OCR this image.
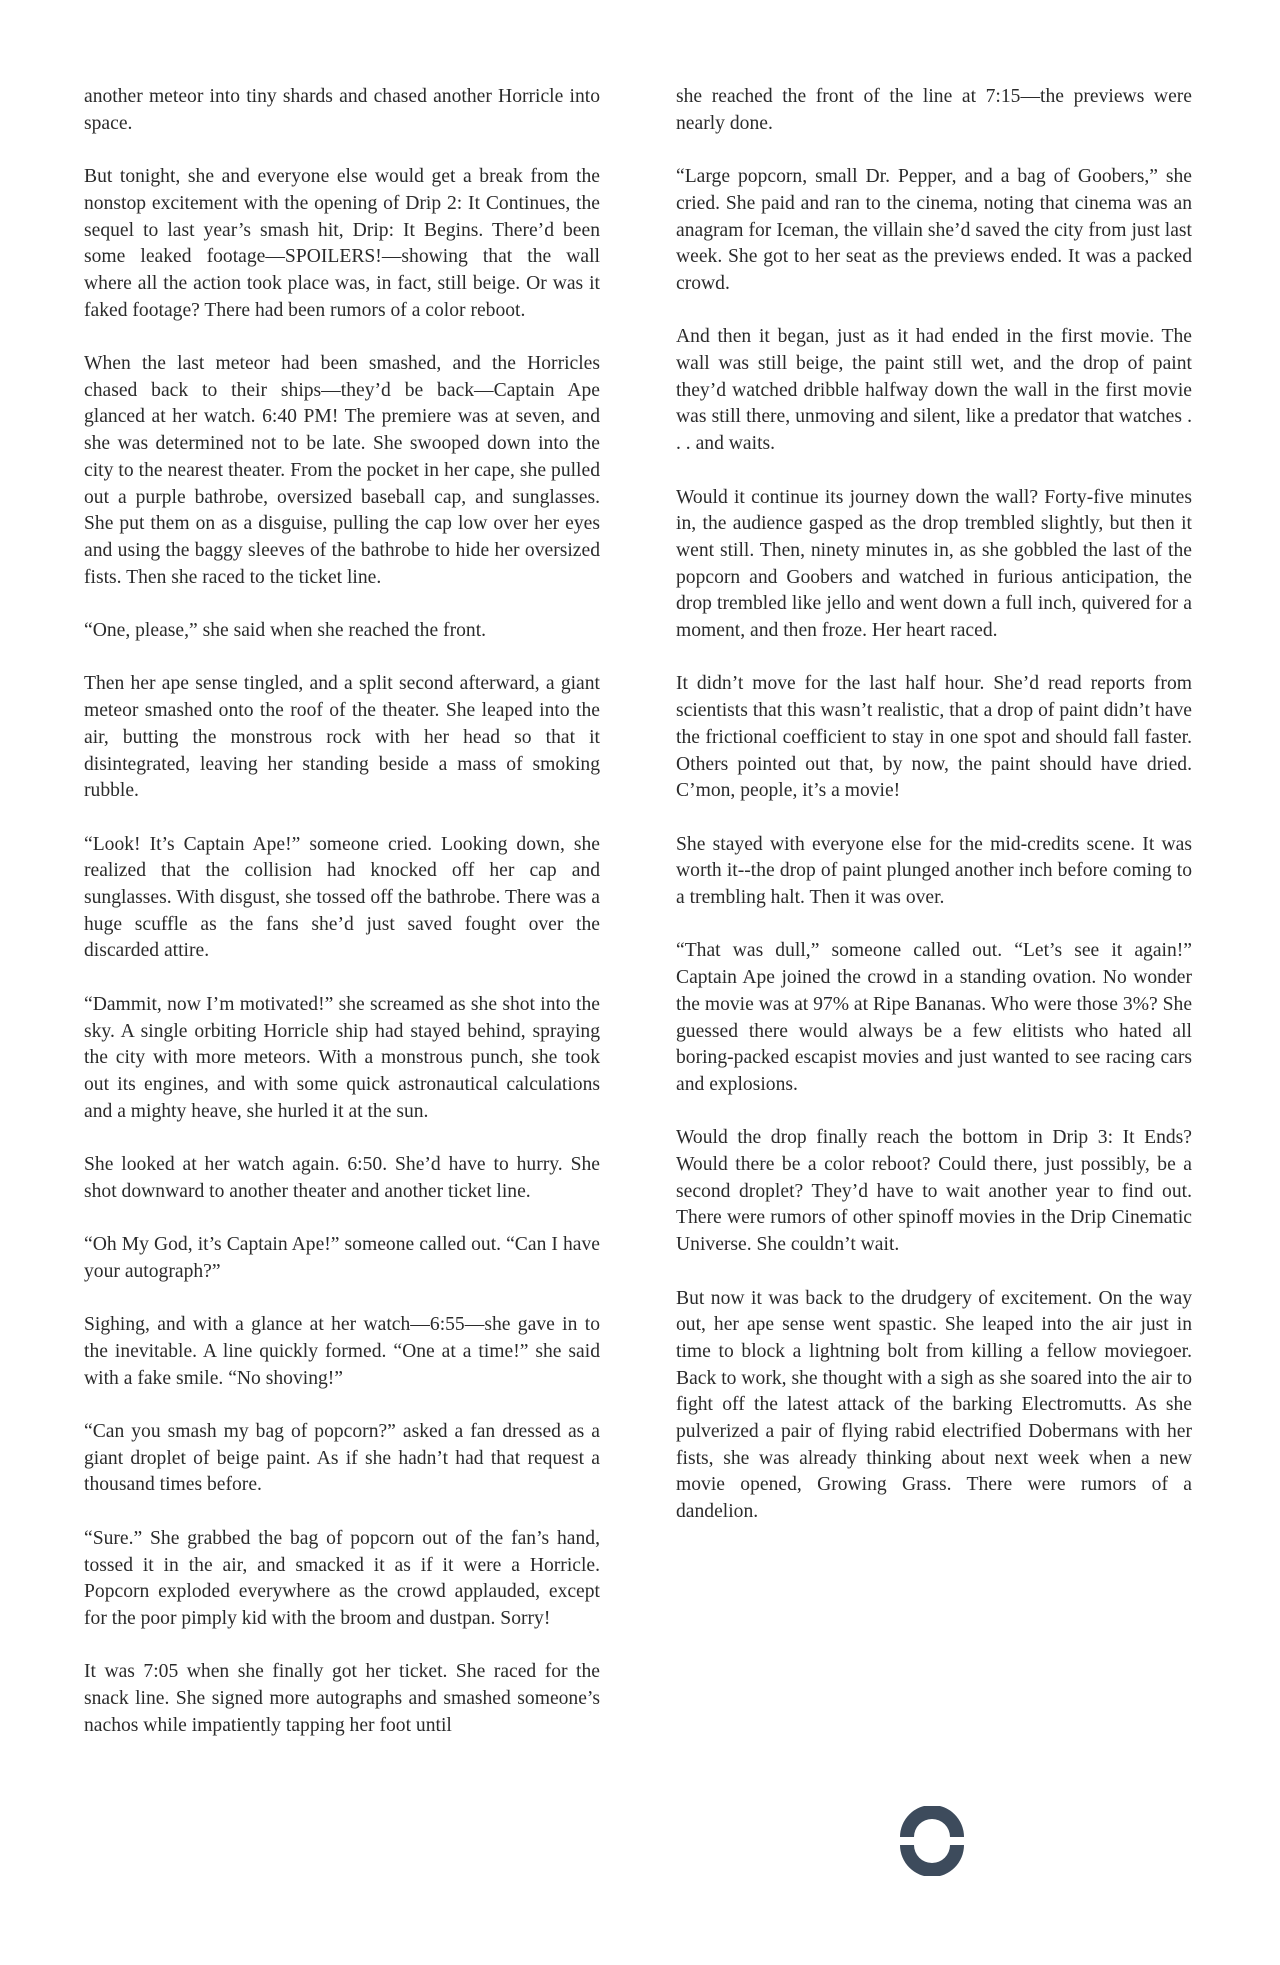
another meteor into tiny shards and chased another Horricle into space.

But tonight, she and everyone else would get a break from the nonstop excitement with the opening of Drip 2: It Continues, the sequel to last year’s smash hit, Drip: It Begins. There’d been some leaked footage—SPOILERS!—showing that the wall where all the action took place was, in fact, still beige. Or was it faked footage? There had been rumors of a color reboot.

When the last meteor had been smashed, and the Horricles chased back to their ships—they’d be back—Captain Ape glanced at her watch. 6:40 PM! The premiere was at seven, and she was determined not to be late. She swooped down into the city to the nearest theater. From the pocket in her cape, she pulled out a purple bathrobe, oversized baseball cap, and sunglasses. She put them on as a disguise, pulling the cap low over her eyes and using the baggy sleeves of the bathrobe to hide her oversized fists. Then she raced to the ticket line.

“One, please,” she said when she reached the front.

Then her ape sense tingled, and a split second afterward, a giant meteor smashed onto the roof of the theater. She leaped into the air, butting the monstrous rock with her head so that it disintegrated, leaving her standing beside a mass of smoking rubble.

“Look! It’s Captain Ape!” someone cried. Looking down, she realized that the collision had knocked off her cap and sunglasses. With disgust, she tossed off the bathrobe. There was a huge scuffle as the fans she’d just saved fought over the discarded attire.

“Dammit, now I’m motivated!” she screamed as she shot into the sky. A single orbiting Horricle ship had stayed behind, spraying the city with more meteors. With a monstrous punch, she took out its engines, and with some quick astronautical calculations and a mighty heave, she hurled it at the sun.

She looked at her watch again. 6:50. She’d have to hurry. She shot downward to another theater and another ticket line.

“Oh My God, it’s Captain Ape!” someone called out. “Can I have your autograph?”

Sighing, and with a glance at her watch—6:55—she gave in to the inevitable. A line quickly formed. “One at a time!” she said with a fake smile. “No shoving!”

“Can you smash my bag of popcorn?” asked a fan dressed as a giant droplet of beige paint. As if she hadn’t had that request a thousand times before.

“Sure.” She grabbed the bag of popcorn out of the fan’s hand, tossed it in the air, and smacked it as if it were a Horricle. Popcorn exploded everywhere as the crowd applauded, except for the poor pimply kid with the broom and dustpan. Sorry!

It was 7:05 when she finally got her ticket. She raced for the snack line. She signed more autographs and smashed someone’s nachos while impatiently tapping her foot until

she reached the front of the line at 7:15—the previews were nearly done.

“Large popcorn, small Dr. Pepper, and a bag of Goobers,” she cried. She paid and ran to the cinema, noting that cinema was an anagram for Iceman, the villain she’d saved the city from just last week. She got to her seat as the previews ended. It was a packed crowd.

And then it began, just as it had ended in the first movie. The wall was still beige, the paint still wet, and the drop of paint they’d watched dribble halfway down the wall in the first movie was still there, unmoving and silent, like a predator that watches . . . and waits.

Would it continue its journey down the wall? Forty-five minutes in, the audience gasped as the drop trembled slightly, but then it went still. Then, ninety minutes in, as she gobbled the last of the popcorn and Goobers and watched in furious anticipation, the drop trembled like jello and went down a full inch, quivered for a moment, and then froze. Her heart raced.

It didn’t move for the last half hour. She’d read reports from scientists that this wasn’t realistic, that a drop of paint didn’t have the frictional coefficient to stay in one spot and should fall faster. Others pointed out that, by now, the paint should have dried. C’mon, people, it’s a movie!

She stayed with everyone else for the mid-credits scene. It was worth it--the drop of paint plunged another inch before coming to a trembling halt. Then it was over.

“That was dull,” someone called out. “Let’s see it again!” Captain Ape joined the crowd in a standing ovation. No wonder the movie was at 97% at Ripe Bananas. Who were those 3%? She guessed there would always be a few elitists who hated all boring-packed escapist movies and just wanted to see racing cars and explosions.

Would the drop finally reach the bottom in Drip 3: It Ends? Would there be a color reboot? Could there, just possibly, be a second droplet? They’d have to wait another year to find out. There were rumors of other spinoff movies in the Drip Cinematic Universe. She couldn’t wait.

But now it was back to the drudgery of excitement. On the way out, her ape sense went spastic. She leaped into the air just in time to block a lightning bolt from killing a fellow moviegoer. Back to work, she thought with a sigh as she soared into the air to fight off the latest attack of the barking Electromutts. As she pulverized a pair of flying rabid electrified Dobermans with her fists, she was already thinking about next week when a new movie opened, Growing Grass. There were rumors of a dandelion.
